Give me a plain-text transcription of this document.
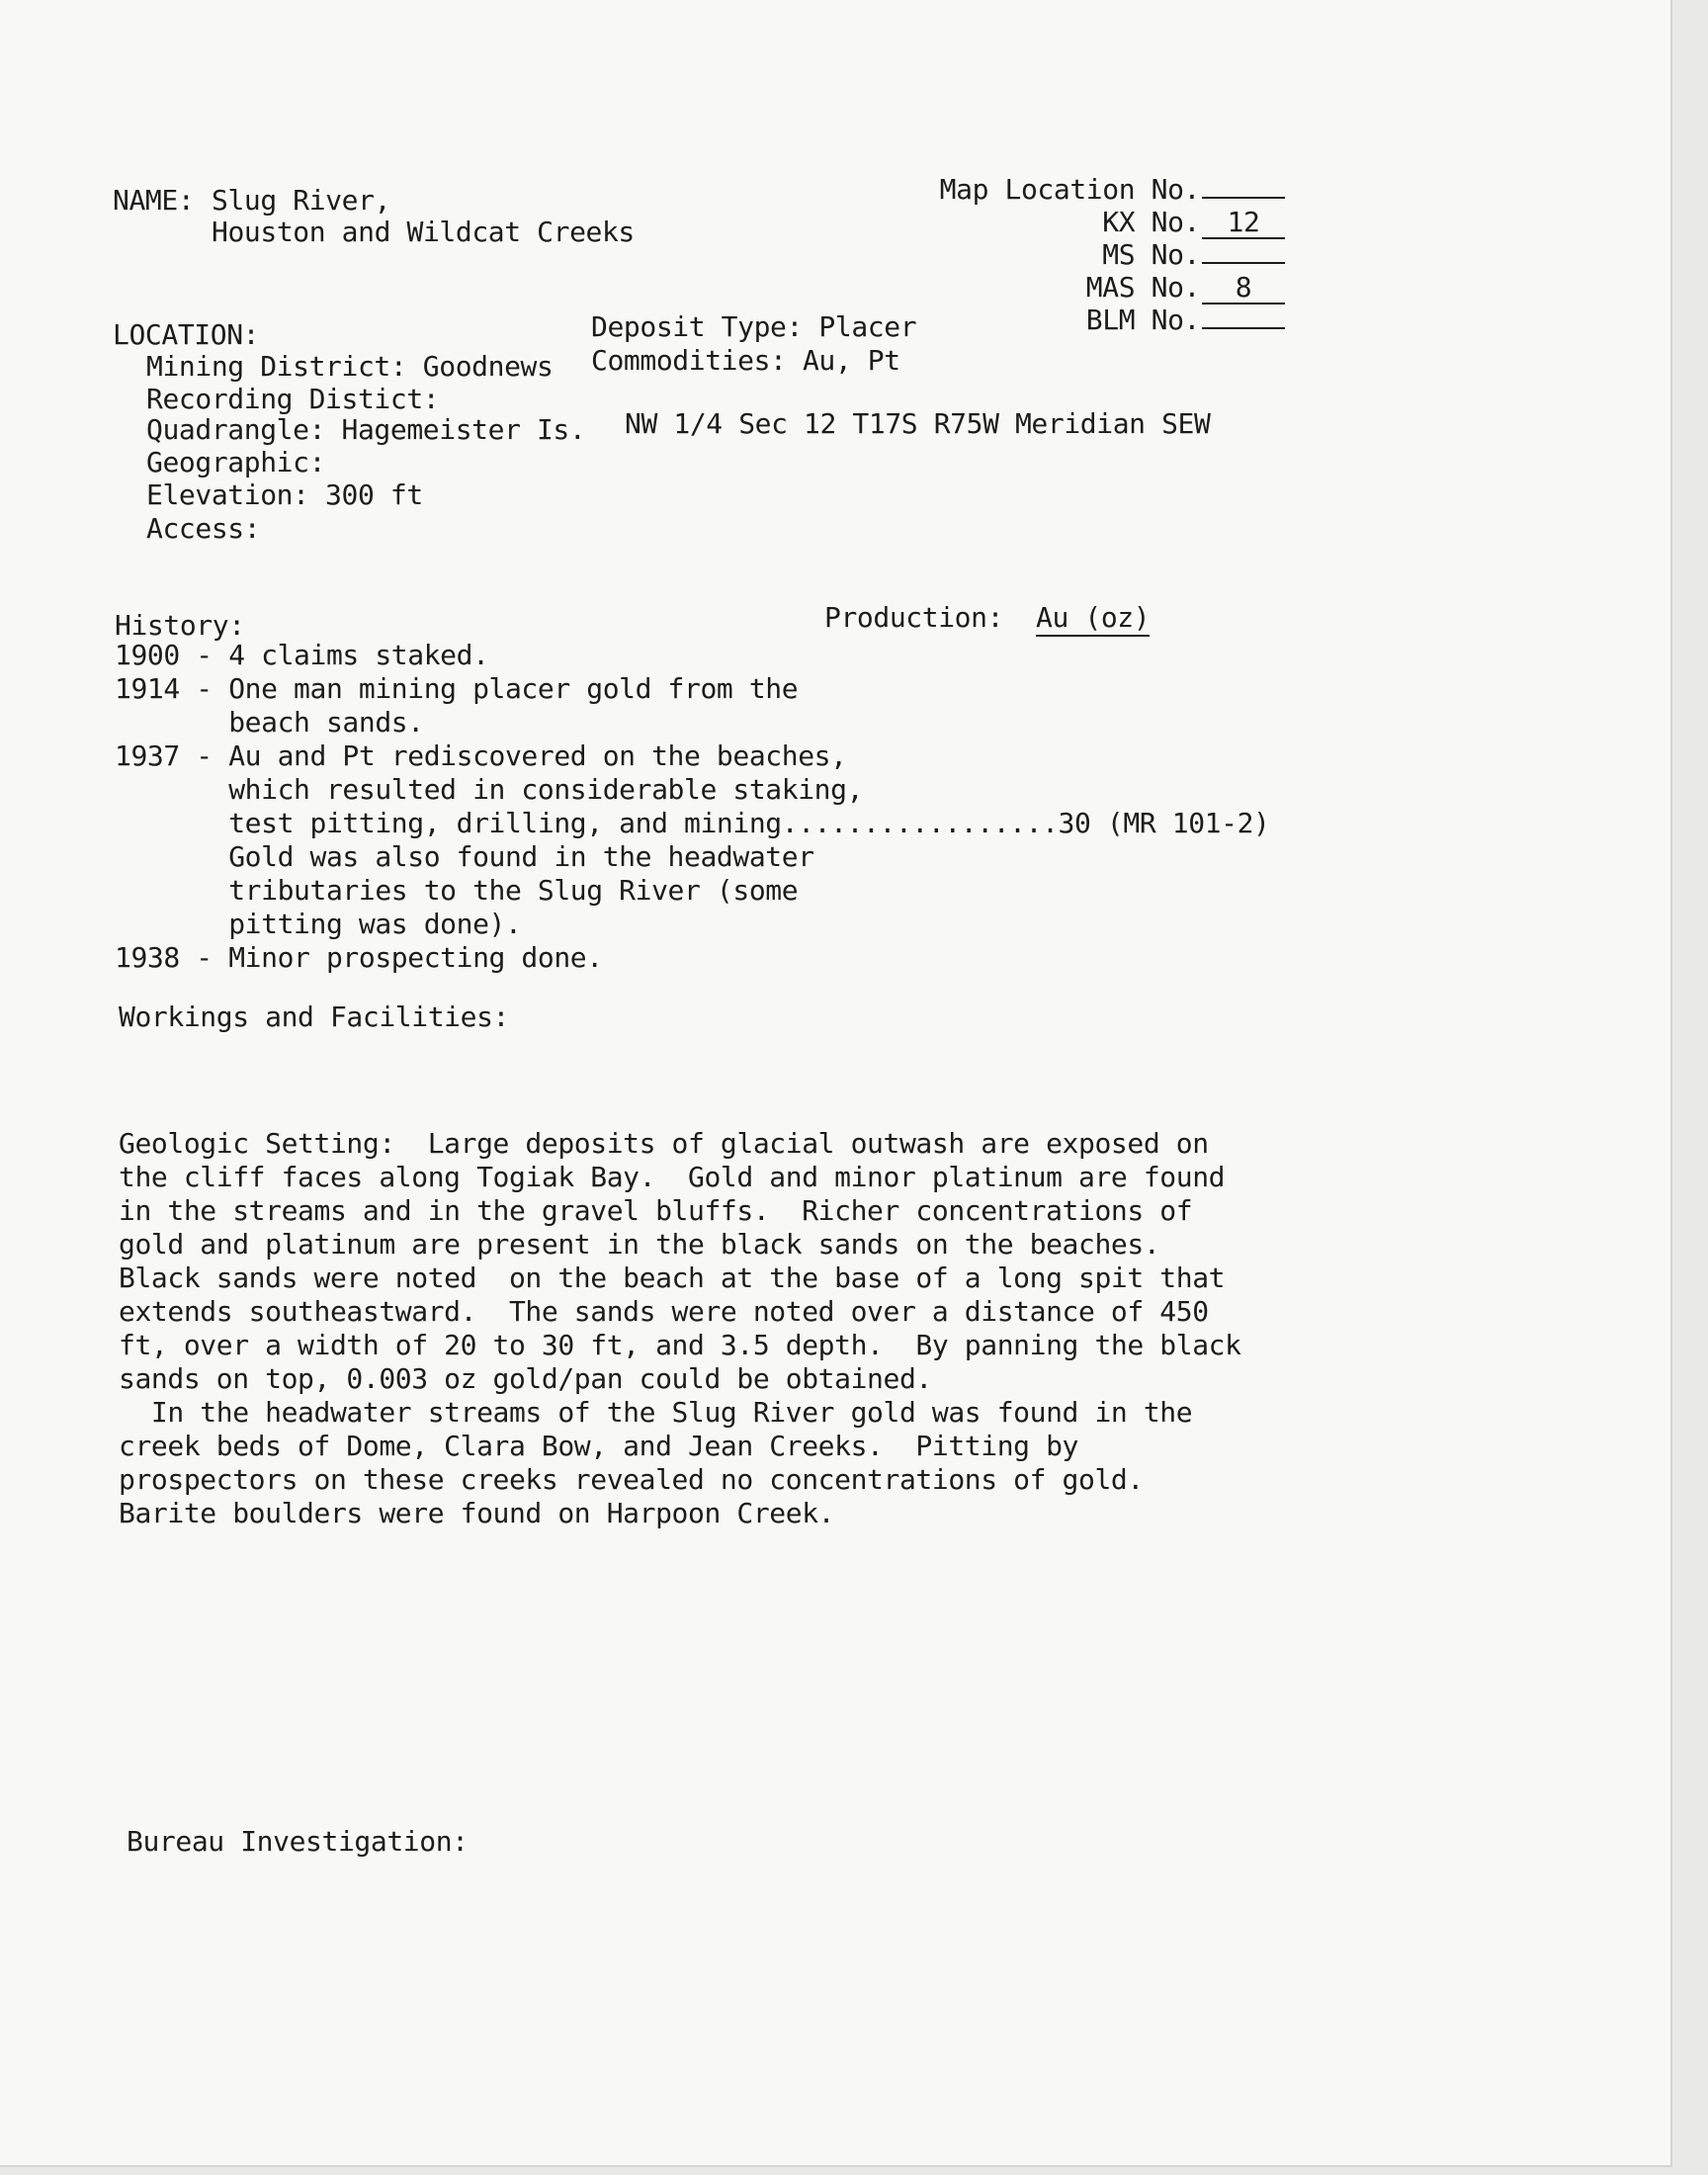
NAME: Slug River,
Houston and Wildcat Creeks
Map Location No.
KX No. 12
MS No.
MAS No. 8
BLM No.
LOCATION:	Deposit Type: Placer
Mining District: Goodnews Commodities: Au, Pt
Recording Distict:
Quadrangle: Hagemeister Is. NW 1/4 Sec 12 T17S R75W Meridian SEW
Geographic:
Elevation: 300 ft
Access:
History:	Production: Au (oz)
1900 - 4 claims staked.
1914 - One man mining placer gold from the
beach sands.
1937 - Au and Pt rediscovered on the beaches,
which resulted in considerable staking,
test pitting, drilling, and mining.................30 (MR 101-2)
Gold was also found in the headwater
tributaries to the Slug River (some
pitting was done).
1938 - Minor prospecting done.
Workings and Facilities:
Geologic Setting:  Large deposits of glacial outwash are exposed on
the cliff faces along Togiak Bay.  Gold and minor platinum are found
in the streams and in the gravel bluffs.  Richer concentrations of
gold and platinum are present in the black sands on the beaches.
Black sands were noted  on the beach at the base of a long spit that
extends southeastward.  The sands were noted over a distance of 450
ft, over a width of 20 to 30 ft, and 3.5 depth.  By panning the black
sands on top, 0.003 oz gold/pan could be obtained.
In the headwater streams of the Slug River gold was found in the
creek beds of Dome, Clara Bow, and Jean Creeks.  Pitting by
prospectors on these creeks revealed no concentrations of gold.
Barite boulders were found on Harpoon Creek.
Bureau Investigation:
